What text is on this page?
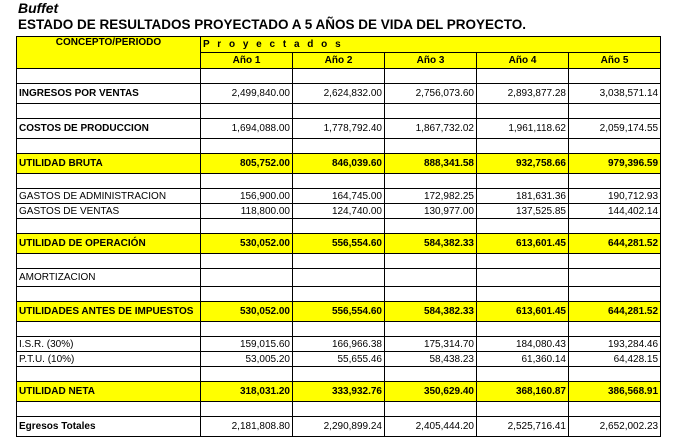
Buffet
ESTADO DE RESULTADOS PROYECTADO A 5 AÑOS DE VIDA DEL PROYECTO.
CONCEPTO/PERIODO	P r o y e c t a d o s				
	Año 1	Año 2	Año 3	Año 4	Año 5

INGRESOS POR VENTAS	2,499,840.00	2,624,832.00	2,756,073.60	2,893,877.28	3,038,571.14

COSTOS DE PRODUCCION	1,694,088.00	1,778,792.40	1,867,732.02	1,961,118.62	2,059,174.55

UTILIDAD BRUTA	805,752.00	846,039.60	888,341.58	932,758.66	979,396.59

GASTOS DE ADMINISTRACION	156,900.00	164,745.00	172,982.25	181,631.36	190,712.93
GASTOS DE VENTAS	118,800.00	124,740.00	130,977.00	137,525.85	144,402.14

UTILIDAD DE OPERACIÓN	530,052.00	556,554.60	584,382.33	613,601.45	644,281.52

AMORTIZACION					

UTILIDADES ANTES DE IMPUESTOS	530,052.00	556,554.60	584,382.33	613,601.45	644,281.52

I.S.R. (30%)	159,015.60	166,966.38	175,314.70	184,080.43	193,284.46
P.T.U. (10%)	53,005.20	55,655.46	58,438.23	61,360.14	64,428.15

UTILIDAD NETA	318,031.20	333,932.76	350,629.40	368,160.87	386,568.91

Egresos Totales	2,181,808.80	2,290,899.24	2,405,444.20	2,525,716.41	2,652,002.23
